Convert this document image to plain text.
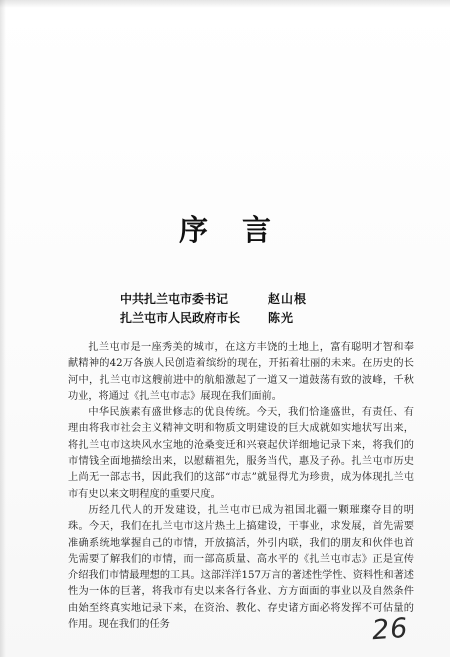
序言
中共扎兰屯市委书记	赵山根
扎兰屯市人民政府市长	陈光

扎兰屯市是一座秀美的城市，在这方丰饶的土地上，富有聪明才智和奉献精神的42万各族人民创造着缤纷的现在，开拓着壮丽的未来。在历史的长河中，扎兰屯市这艘前进中的航船激起了一道又一道鼓荡有致的波峰，千秋功业，将通过《扎兰屯市志》展现在我们面前。

中华民族素有盛世修志的优良传统。今天，我们恰逢盛世，有责任、有理由将我市社会主义精神文明和物质文明建设的巨大成就如实地状写出来，将扎兰屯市这块风水宝地的沧桑变迁和兴衰起伏详细地记录下来，将我们的市情钱全面地描绘出来，以慰藉祖先，服务当代，惠及子孙。扎兰屯市历史上尚无一部志书，因此我们的这部“市志”就显得尤为珍贵，成为体现扎兰屯市有史以来文明程度的重要尺度。

历经几代人的开发建设，扎兰屯市已成为祖国北疆一颗璀璨夺目的明珠。今天，我们在扎兰屯市这片热土上搞建设，干事业，求发展，首先需要准确系统地掌握自己的市情，开放搞活，外引内联，我们的朋友和伙伴也首先需要了解我们的市情，而一部高质量、高水平的《扎兰屯市志》正是宣传介绍我们市情最理想的工具。这部洋洋157万言的著述性学性、资料性和著述性为一体的巨著，将我市有史以来各行各业、方方面面的事业以及自然条件由始至终真实地记录下来，在资治、教化、存史诸方面必将发挥不可估量的作用。现在我们的任务	26
